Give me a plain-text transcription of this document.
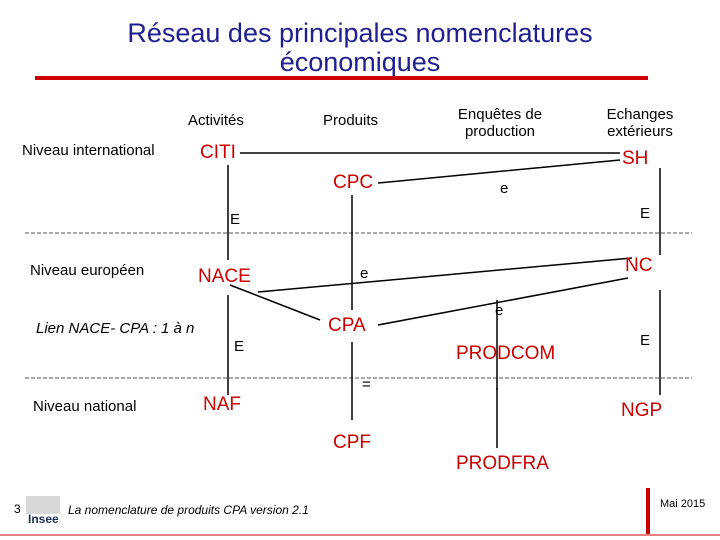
Réseau des principales nomenclatures
économiques
Activités	Produits	Enquêtes de
production
Echanges
extérieurs
Niveau international
Niveau européen
Niveau national
CITI
CPC
SH
NACE
NC
CPA
PRODCOM
NAF	NGP
CPF
PRODFRA
e
E	E
e
e
E	E
=
Lien NACE- CPA : 1 à n
3
Insee
La nomenclature de produits CPA version 2.1	Mai 2015
